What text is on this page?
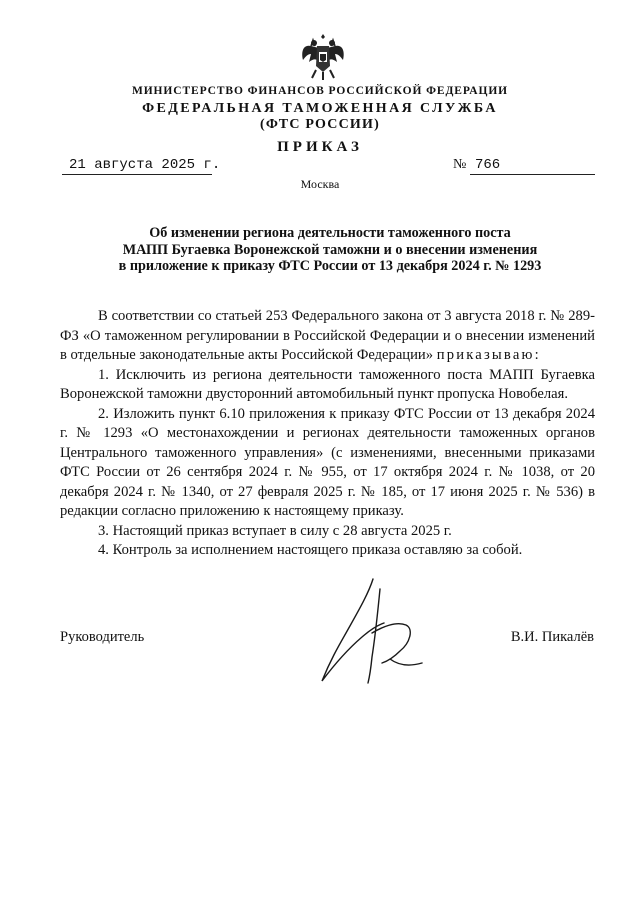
МИНИСТЕРСТВО ФИНАНСОВ РОССИЙСКОЙ ФЕДЕРАЦИИ
ФЕДЕРАЛЬНАЯ ТАМОЖЕННАЯ СЛУЖБА
(ФТС РОССИИ)
ПРИКАЗ
21 августа 2025 г.	№ 766
Москва
Об изменении региона деятельности таможенного поста
МАПП Бугаевка Воронежской таможни и о внесении изменения
в приложение к приказу ФТС России от 13 декабря 2024 г. № 1293

В соответствии со статьей 253 Федерального закона от 3 августа 2018 г. № 289-ФЗ «О таможенном регулировании в Российской Федерации и о внесении изменений в отдельные законодательные акты Российской Федерации» приказываю:

1. Исключить из региона деятельности таможенного поста МАПП Бугаевка Воронежской таможни двусторонний автомобильный пункт пропуска Новобелая.

2. Изложить пункт 6.10 приложения к приказу ФТС России от 13 декабря 2024 г. № 1293 «О местонахождении и регионах деятельности таможенных органов Центрального таможенного управления» (с изменениями, внесенными приказами ФТС России от 26 сентября 2024 г. № 955, от 17 октября 2024 г. № 1038, от 20 декабря 2024 г. № 1340, от 27 февраля 2025 г. № 185, от 17 июня 2025 г. № 536) в редакции согласно приложению к настоящему приказу.

3. Настоящий приказ вступает в силу с 28 августа 2025 г.

4. Контроль за исполнением настоящего приказа оставляю за собой.

Руководитель	В.И. Пикалёв
